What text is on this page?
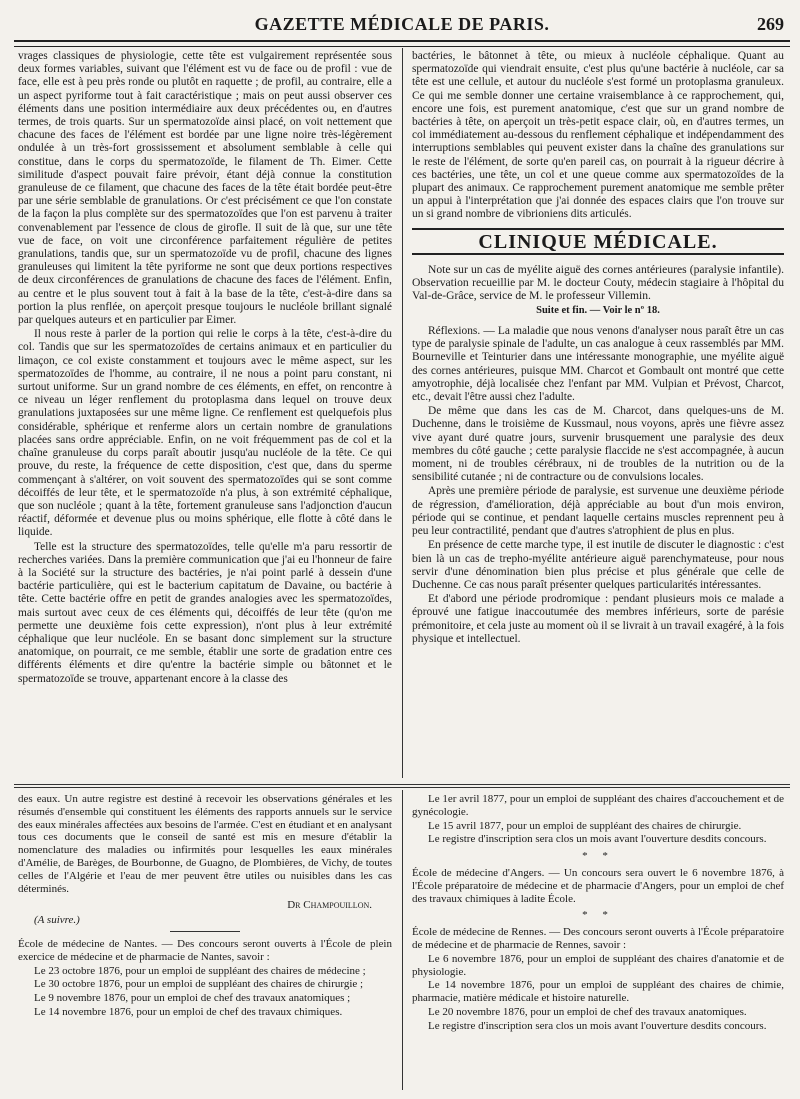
GAZETTE MÉDICALE DE PARIS.	269

vrages classiques de physiologie, cette tête est vulgairement représentée sous deux formes variables, suivant que l'élément est vu de face ou de profil : vue de face, elle est à peu près ronde ou plutôt en raquette ; de profil, au contraire, elle a un aspect pyriforme tout à fait caractéristique ; mais on peut aussi observer ces éléments dans une position intermédiaire aux deux précédentes ou, en d'autres termes, de trois quarts. Sur un spermatozoïde ainsi placé, on voit nettement que chacune des faces de l'élément est bordée par une ligne noire très-légèrement ondulée à un très-fort grossissement et absolument semblable à celle qui constitue, dans le corps du spermatozoïde, le filament de Th. Eimer. Cette similitude d'aspect pouvait faire prévoir, étant déjà connue la constitution granuleuse de ce filament, que chacune des faces de la tête était bordée peut-être par une série semblable de granulations. Or c'est précisément ce que l'on constate de la façon la plus complète sur des spermatozoïdes que l'on est parvenu à traiter convenablement par l'essence de clous de girofle. Il suit de là que, sur une tête vue de face, on voit une circonférence parfaitement régulière de petites granulations, tandis que, sur un spermatozoïde vu de profil, chacune des lignes granuleuses qui limitent la tête pyriforme ne sont que deux portions respectives de deux circonférences de granulations de chacune des faces de l'élément. Enfin, au centre et le plus souvent tout à fait à la base de la tête, c'est-à-dire dans sa portion la plus renflée, on aperçoit presque toujours le nucléole brillant signalé par quelques auteurs et en particulier par Eimer.

Il nous reste à parler de la portion qui relie le corps à la tête, c'est-à-dire du col. Tandis que sur les spermatozoïdes de certains animaux et en particulier du limaçon, ce col existe constamment et toujours avec le même aspect, sur les spermatozoïdes de l'homme, au contraire, il ne nous a point paru constant, ni surtout uniforme. Sur un grand nombre de ces éléments, en effet, on rencontre à ce niveau un léger renflement du protoplasma dans lequel on trouve deux granulations juxtaposées sur une même ligne. Ce renflement est quelquefois plus considérable, sphérique et renferme alors un certain nombre de granulations placées sans ordre appréciable. Enfin, on ne voit fréquemment pas de col et la chaîne granuleuse du corps paraît aboutir jusqu'au nucléole de la tête. Ce qui prouve, du reste, la fréquence de cette disposition, c'est que, dans du sperme commençant à s'altérer, on voit souvent des spermatozoïdes qui se sont comme décoiffés de leur tête, et le spermatozoïde n'a plus, à son extrémité céphalique, que son nucléole ; quant à la tête, fortement granuleuse sans l'adjonction d'aucun réactif, déformée et devenue plus ou moins sphérique, elle flotte à côté dans le liquide.

Telle est la structure des spermatozoïdes, telle qu'elle m'a paru ressortir de recherches variées. Dans la première communication que j'ai eu l'honneur de faire à la Société sur la structure des bactéries, je n'ai point parlé à dessein d'une bactérie particulière, qui est le bacterium capitatum de Davaine, ou bactérie à tête. Cette bactérie offre en petit de grandes analogies avec les spermatozoïdes, mais surtout avec ceux de ces éléments qui, décoiffés de leur tête (qu'on me permette une deuxième fois cette expression), n'ont plus à leur extrémité céphalique que leur nucléole. En se basant donc simplement sur la structure anatomique, on pourrait, ce me semble, établir une sorte de gradation entre ces différents éléments et dire qu'entre la bactérie simple ou bâtonnet et le spermatozoïde se trouve, appartenant encore à la classe des

bactéries, le bâtonnet à tête, ou mieux à nucléole céphalique. Quant au spermatozoïde qui viendrait ensuite, c'est plus qu'une bactérie à nucléole, car sa tête est une cellule, et autour du nucléole s'est formé un protoplasma granuleux. Ce qui me semble donner une certaine vraisemblance à ce rapprochement, qui, encore une fois, est purement anatomique, c'est que sur un grand nombre de bactéries à tête, on aperçoit un très-petit espace clair, où, en d'autres termes, un col immédiatement au-dessous du renflement céphalique et indépendamment des interruptions semblables qui peuvent exister dans la chaîne des granulations sur le reste de l'élément, de sorte qu'en pareil cas, on pourrait à la rigueur décrire à ces bactéries, une tête, un col et une queue comme aux spermatozoïdes de la plupart des animaux. Ce rapprochement purement anatomique me semble prêter un appui à l'interprétation que j'ai donnée des espaces clairs que l'on trouve sur un si grand nombre de vibrioniens dits articulés.

CLINIQUE MÉDICALE.

Note sur un cas de myélite aiguë des cornes antérieures (paralysie infantile). Observation recueillie par M. le docteur Couty, médecin stagiaire à l'hôpital du Val-de-Grâce, service de M. le professeur Villemin.

Suite et fin. — Voir le nº 18.

Réflexions. — La maladie que nous venons d'analyser nous paraît être un cas type de paralysie spinale de l'adulte, un cas analogue à ceux rassemblés par MM. Bourneville et Teinturier dans une intéressante monographie, une myélite aiguë des cornes antérieures, puisque MM. Charcot et Gombault ont montré que cette amyotrophie, déjà localisée chez l'enfant par MM. Vulpian et Prévost, Charcot, etc., devait l'être aussi chez l'adulte.

De même que dans les cas de M. Charcot, dans quelques-uns de M. Duchenne, dans le troisième de Kussmaul, nous voyons, après une fièvre assez vive ayant duré quatre jours, survenir brusquement une paralysie des deux membres du côté gauche ; cette paralysie flaccide ne s'est accompagnée, à aucun moment, ni de troubles cérébraux, ni de troubles de la nutrition ou de la sensibilité cutanée ; ni de contracture ou de convulsions locales.

Après une première période de paralysie, est survenue une deuxième période de régression, d'amélioration, déjà appréciable au bout d'un mois environ, période qui se continue, et pendant laquelle certains muscles reprennent peu à peu leur contractilité, pendant que d'autres s'atrophient de plus en plus.

En présence de cette marche type, il est inutile de discuter le diagnostic : c'est bien là un cas de trepho-myélite antérieure aiguë parenchymateuse, pour nous servir d'une dénomination bien plus précise et plus générale que celle de Duchenne. Ce cas nous paraît présenter quelques particularités intéressantes.

Et d'abord une période prodromique : pendant plusieurs mois ce malade a éprouvé une fatigue inaccoutumée des membres inférieurs, sorte de parésie prémonitoire, et cela juste au moment où il se livrait à un travail exagéré, à la fois physique et intellectuel.

des eaux. Un autre registre est destiné à recevoir les observations générales et les résumés d'ensemble qui constituent les éléments des rapports annuels sur le service des eaux minérales affectées aux besoins de l'armée. C'est en étudiant et en analysant tous ces documents que le conseil de santé est mis en mesure d'établir la nomenclature des maladies ou infirmités pour lesquelles les eaux minérales d'Amélie, de Barèges, de Bourbonne, de Guagno, de Plombières, de Vichy, de toutes celles de l'Algérie et l'eau de mer peuvent être utiles ou nuisibles dans les cas déterminés.

Dr Champouillon.

(A suivre.)

École de médecine de Nantes. — Des concours seront ouverts à l'École de plein exercice de médecine et de pharmacie de Nantes, savoir :

Le 23 octobre 1876, pour un emploi de suppléant des chaires de médecine ;

Le 30 octobre 1876, pour un emploi de suppléant des chaires de chirurgie ;

Le 9 novembre 1876, pour un emploi de chef des travaux anatomiques ;

Le 14 novembre 1876, pour un emploi de chef des travaux chimiques.

Le 1er avril 1877, pour un emploi de suppléant des chaires d'accouchement et de gynécologie.

Le 15 avril 1877, pour un emploi de suppléant des chaires de chirurgie.

Le registre d'inscription sera clos un mois avant l'ouverture desdits concours.

* *

École de médecine d'Angers. — Un concours sera ouvert le 6 novembre 1876, à l'École préparatoire de médecine et de pharmacie d'Angers, pour un emploi de chef des travaux chimiques à ladite École.

* *

École de médecine de Rennes. — Des concours seront ouverts à l'École préparatoire de médecine et de pharmacie de Rennes, savoir :

Le 6 novembre 1876, pour un emploi de suppléant des chaires d'anatomie et de physiologie.

Le 14 novembre 1876, pour un emploi de suppléant des chaires de chimie, pharmacie, matière médicale et histoire naturelle.

Le 20 novembre 1876, pour un emploi de chef des travaux anatomiques.

Le registre d'inscription sera clos un mois avant l'ouverture desdits concours.
